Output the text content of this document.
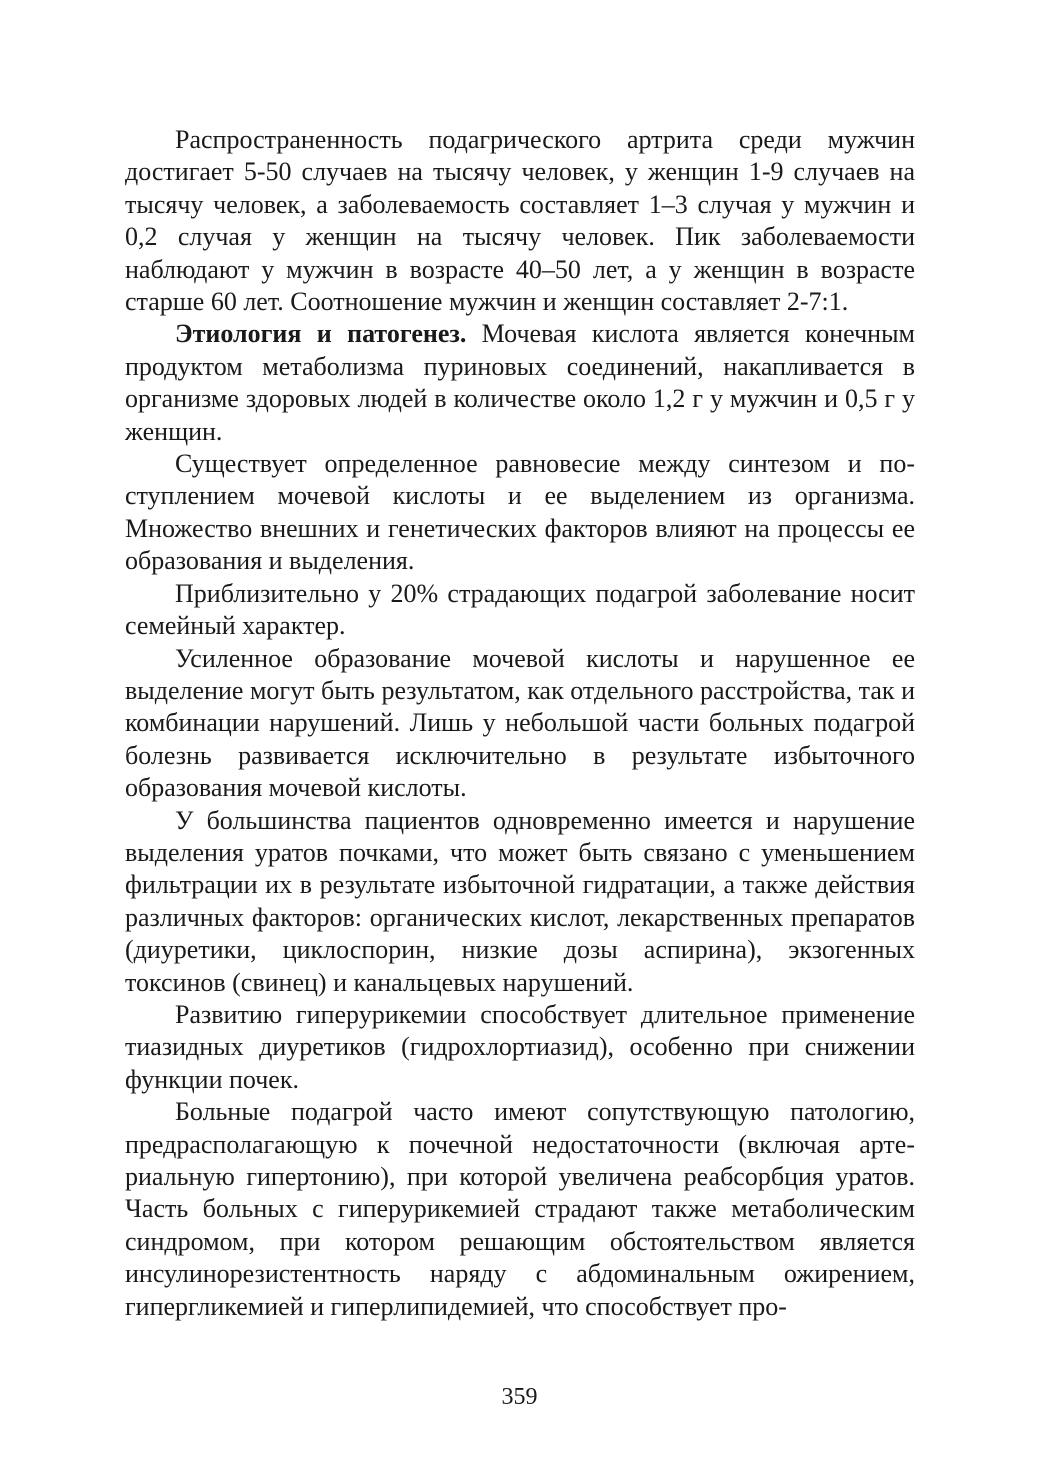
Распространенность подагрического артрита среди мужчин достигает 5-50 случаев на тысячу человек, у женщин 1-9 случаев на тысячу человек, а заболеваемость составляет 1–3 случая у мужчин и 0,2 случая у женщин на тысячу человек. Пик заболеваемости наблюдают у мужчин в возрасте 40–50 лет, а у женщин в возрасте старше 60 лет. Соотношение мужчин и женщин составляет 2-7:1.

Этиология и патогенез. Мочевая кислота является конечным продуктом метаболизма пуриновых соединений, накапливается в организме здоровых людей в количестве около 1,2 г у мужчин и 0,5 г у женщин.

Существует определенное равновесие между синтезом и поступлением мочевой кислоты и ее выделением из организма. Множество внешних и генетических факторов влияют на процессы ее образования и выделения.

Приблизительно у 20% страдающих подагрой заболевание носит семейный характер.

Усиленное образование мочевой кислоты и нарушенное ее выделение могут быть результатом, как отдельного расстройства, так и комбинации нарушений. Лишь у небольшой части больных подагрой болезнь развивается исключительно в результате избыточного образования мочевой кислоты.

У большинства пациентов одновременно имеется и нарушение выделения уратов почками, что может быть связано с уменьшением фильтрации их в результате избыточной гидратации, а также действия различных факторов: органических кислот, лекарственных препаратов (диуретики, циклоспорин, низкие дозы аспирина), экзогенных токсинов (свинец) и канальцевых нарушений.

Развитию гиперурикемии способствует длительное применение тиазидных диуретиков (гидрохлортиазид), особенно при снижении функции почек.

Больные подагрой часто имеют сопутствующую патологию, предрасполагающую к почечной недостаточности (включая артериальную гипертонию), при которой увеличена реабсорбция уратов. Часть больных с гиперурикемией страдают также метаболическим синдромом, при котором решающим обстоятельством является инсулинорезистентность наряду с абдоминальным ожирением, гипергликемией и гиперлипидемией, что способствует про-

359
